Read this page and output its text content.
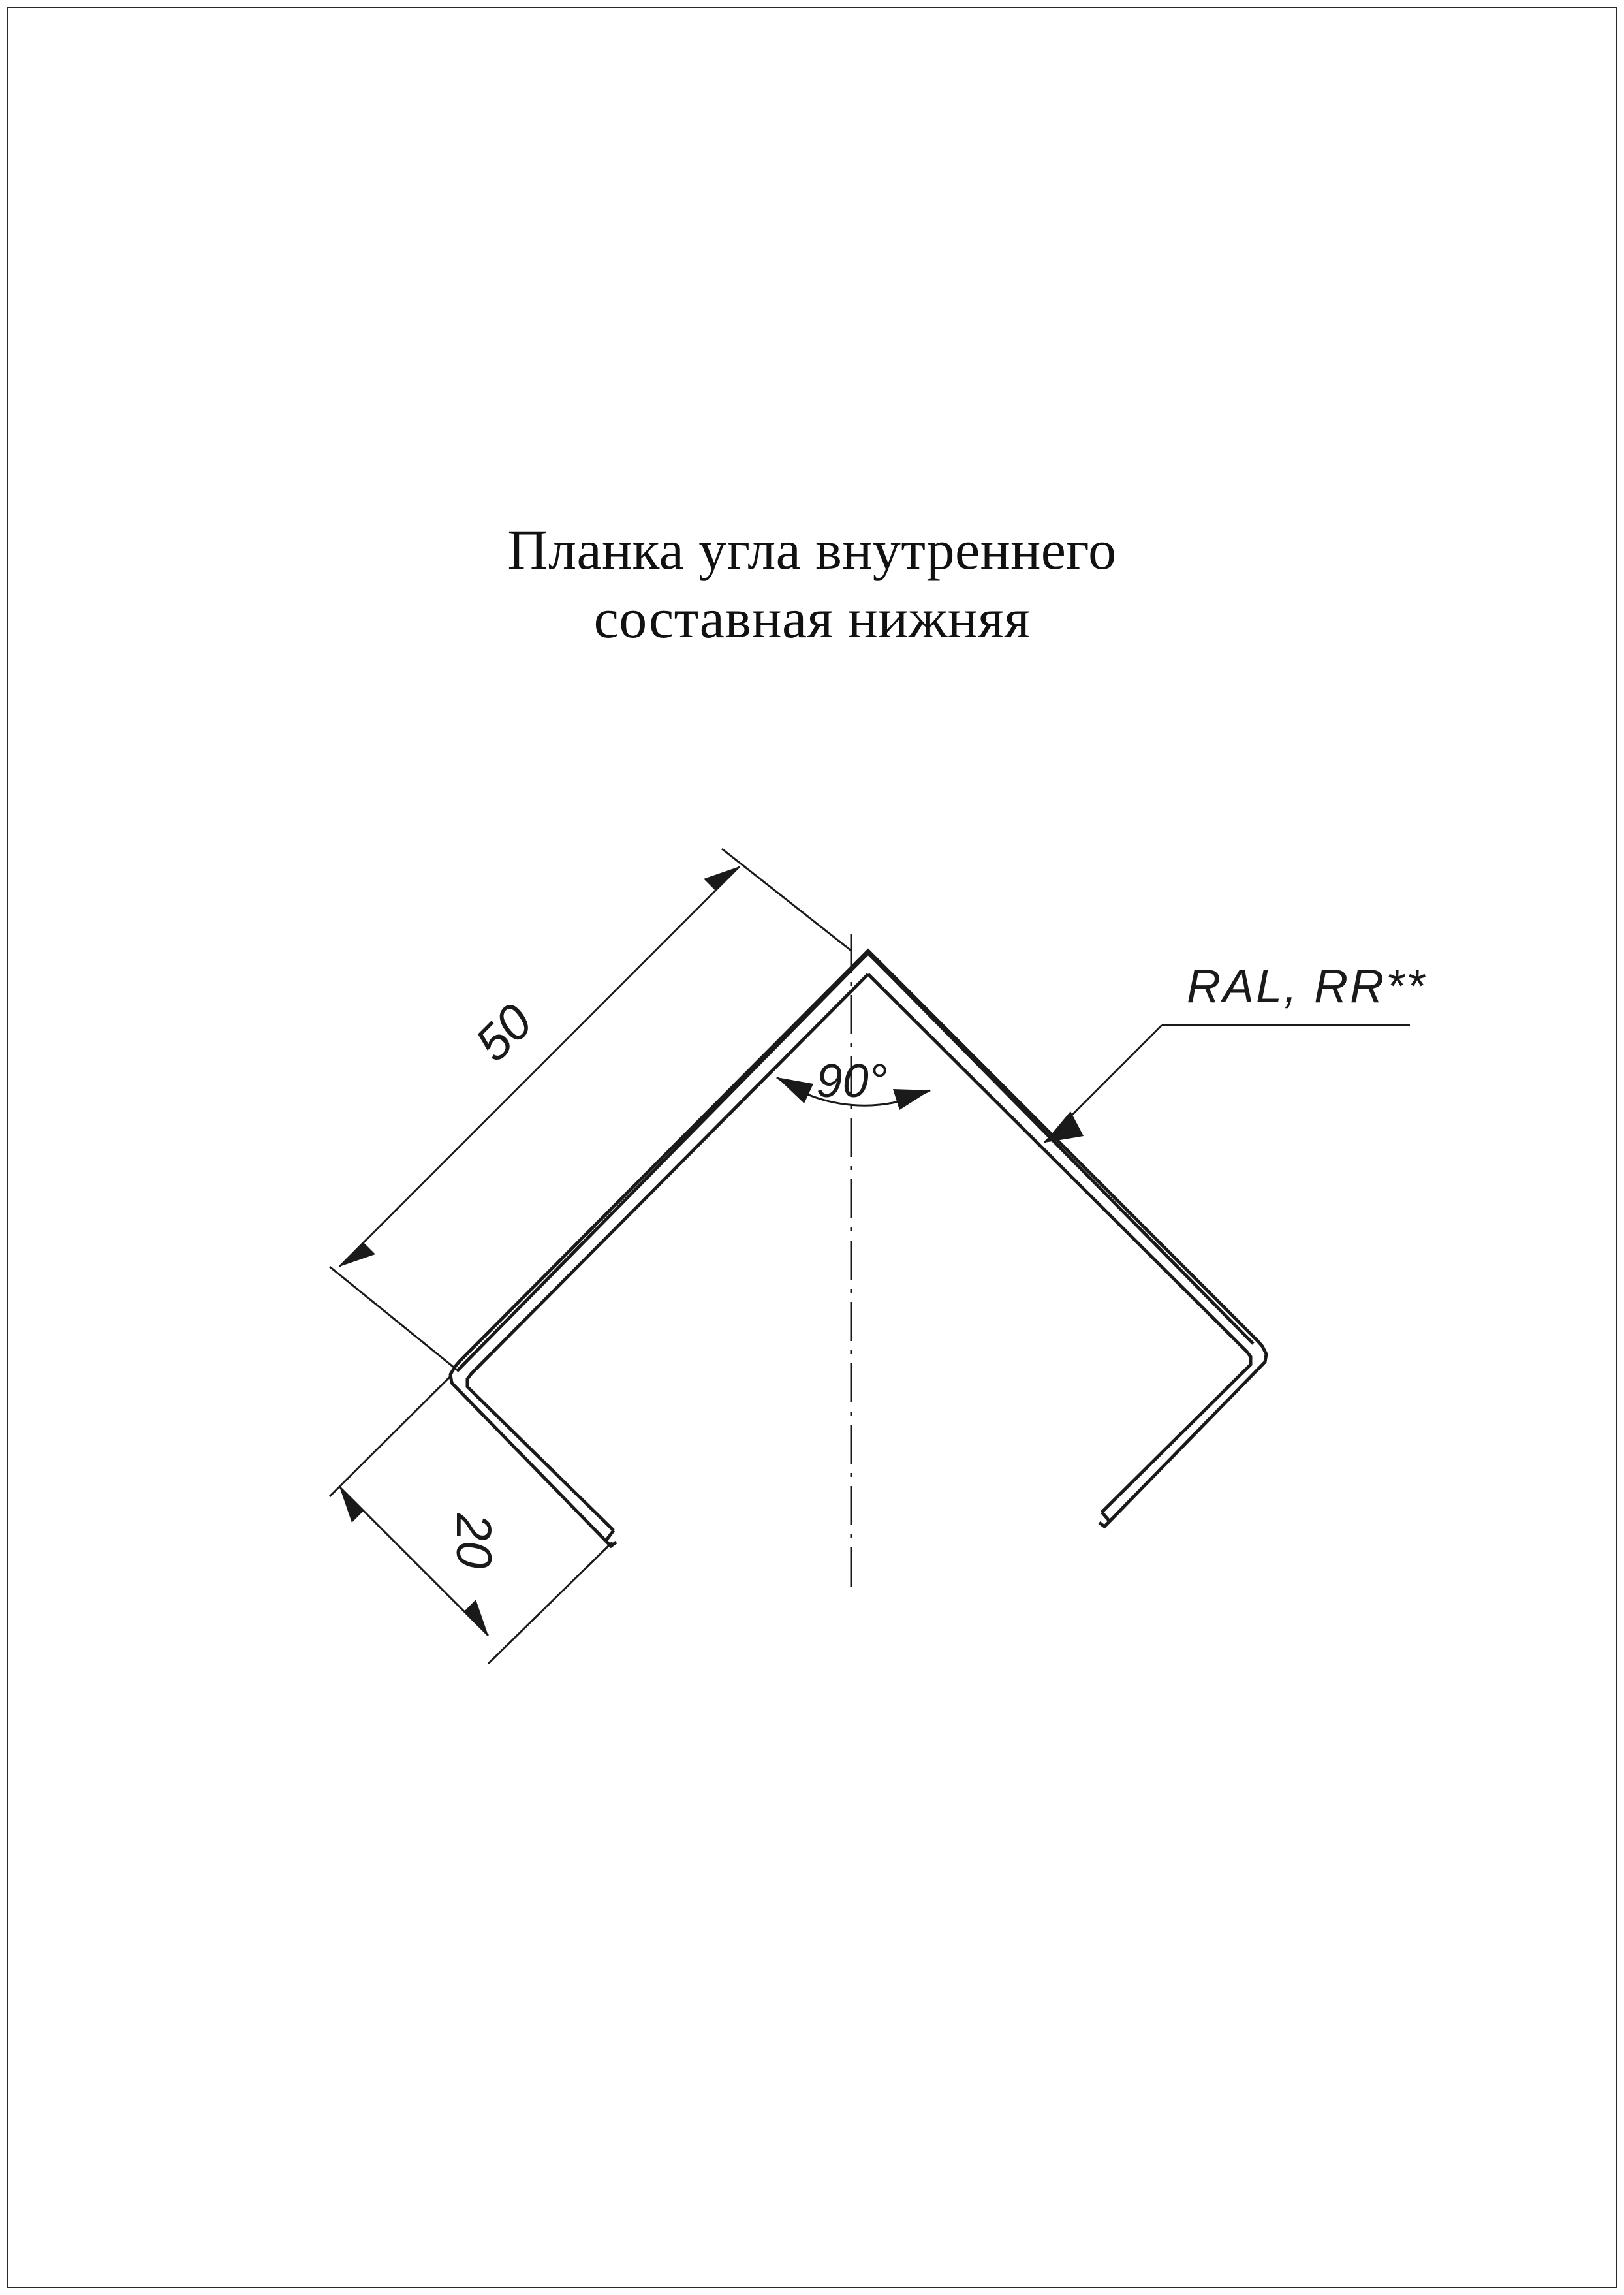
Планка угла внутреннего
составная нижняя
50
20
90°
RAL, RR**
